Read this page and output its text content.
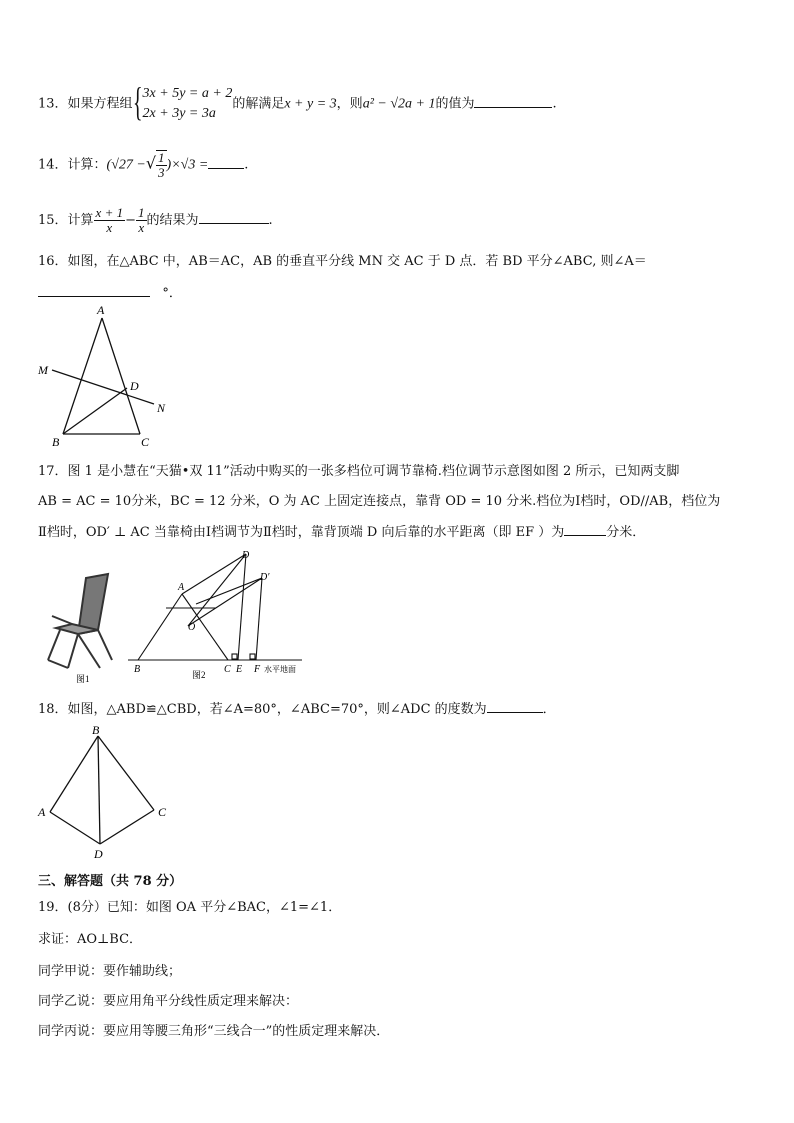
13．如果方程组 { 3x + 5y = a + 2
2x + 3y = 3a
的解满足x + y = 3，则a² − √2a + 1的值为	.
14．计算：(√27 −√ $\frac{1}{3} )\times√3$ =	.
15．计算 $\frac{x + 1}{x} - \frac{1}{x}$ 的结果为	.
16．如图，在△ABC 中，AB＝AC，AB 的垂直平分线 MN 交 AC 于 D 点．若 BD 平分∠ABC, 则∠A＝
°．
A
M
D
N
B	C
17．图 1 是小慧在“天猫•双 11”活动中购买的一张多档位可调节靠椅.档位调节示意图如图 2 所示，已知两支脚
AB = AC = 10分米，BC = 12 分米，O 为 AC 上固定连接点，靠背 OD = 10 分米.档位为Ⅰ档时，OD//AB，档位为
Ⅱ档时，OD′ ⊥ AC 当靠椅由Ⅰ档调节为Ⅱ档时，靠背顶端 D 向后靠的水平距离（即 EF ）为	分米．
图1
A
O
D
D′
B	C E F 水平地面
图2
18．如图，△ABD≌△CBD，若∠A=80°，∠ABC=70°，则∠ADC 的度数为	．
B
A	C
D
三、解答题（共 78 分）
19．(8分）已知：如图 OA 平分∠BAC，∠1=∠1．
求证：AO⊥BC．
同学甲说：要作辅助线；
同学乙说：要应用角平分线性质定理来解决：
同学丙说：要应用等腰三角形“三线合一”的性质定理来解决．
